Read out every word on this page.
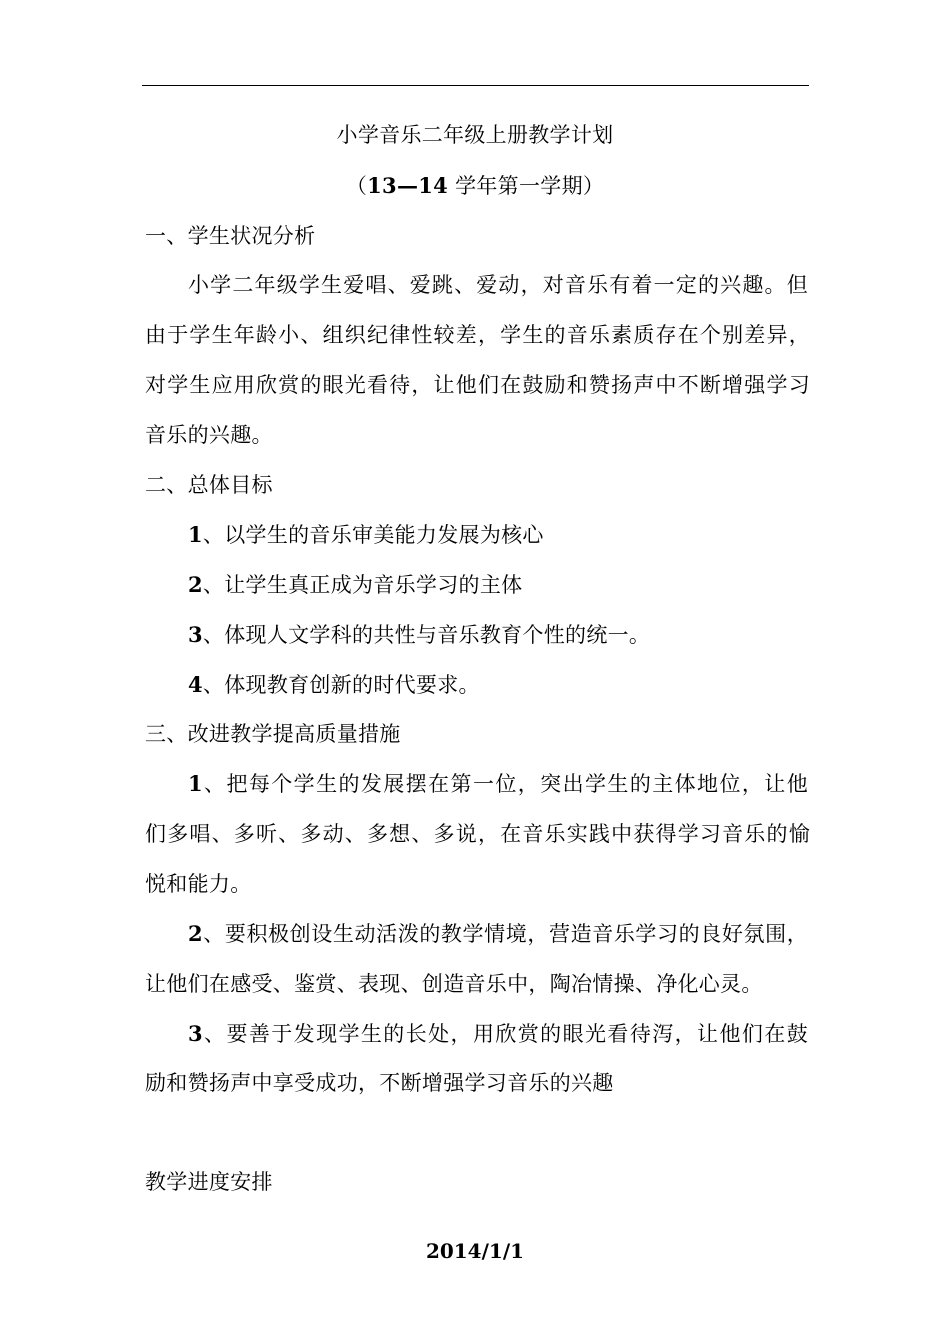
小学音乐二年级上册教学计划
（13—14 学年第一学期）
一、学生状况分析
小学二年级学生爱唱、爱跳、爱动，对音乐有着一定的兴趣。但
由于学生年龄小、组织纪律性较差，学生的音乐素质存在个别差异，
对学生应用欣赏的眼光看待，让他们在鼓励和赞扬声中不断增强学习
音乐的兴趣。
二、总体目标
1、以学生的音乐审美能力发展为核心
2、让学生真正成为音乐学习的主体
3、体现人文学科的共性与音乐教育个性的统一。
4、体现教育创新的时代要求。
三、改进教学提高质量措施
1、把每个学生的发展摆在第一位，突出学生的主体地位，让他
们多唱、多听、多动、多想、多说，在音乐实践中获得学习音乐的愉
悦和能力。
2、要积极创设生动活泼的教学情境，营造音乐学习的良好氛围，
让他们在感受、鉴赏、表现、创造音乐中，陶冶情操、净化心灵。
3、要善于发现学生的长处，用欣赏的眼光看待泻，让他们在鼓
励和赞扬声中享受成功，不断增强学习音乐的兴趣
教学进度安排
2014/1/1
